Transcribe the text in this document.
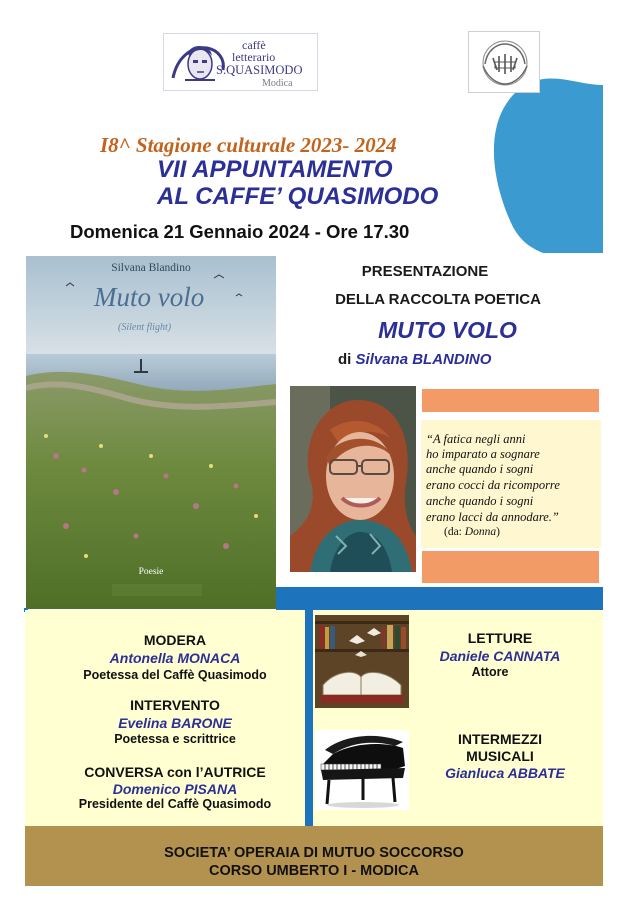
caffè
letterario
S.QUASIMODO
Modica
I8^ Stagione culturale 2023- 2024
VII APPUNTAMENTO
AL CAFFE’ QUASIMODO
Domenica 21 Gennaio 2024 - Ore 17.30
Silvana Blandino
Muto volo
(Silent flight)
Poesie
PRESENTAZIONE
DELLA RACCOLTA POETICA
MUTO VOLO
di Silvana BLANDINO
“A fatica negli anni
ho imparato a sognare
anche quando i sogni
erano cocci da ricomporre
anche quando i sogni
erano lacci da annodare.”
(da: Donna)
MODERA
Antonella MONACA
Poetessa del Caffè Quasimodo
INTERVENTO
Evelina BARONE
Poetessa e scrittrice
CONVERSA con l’AUTRICE
Domenico PISANA
Presidente del Caffè Quasimodo
LETTURE
Daniele CANNATA
Attore
INTERMEZZI
MUSICALI
Gianluca ABBATE
SOCIETA’ OPERAIA DI MUTUO SOCCORSO
CORSO UMBERTO I - MODICA
